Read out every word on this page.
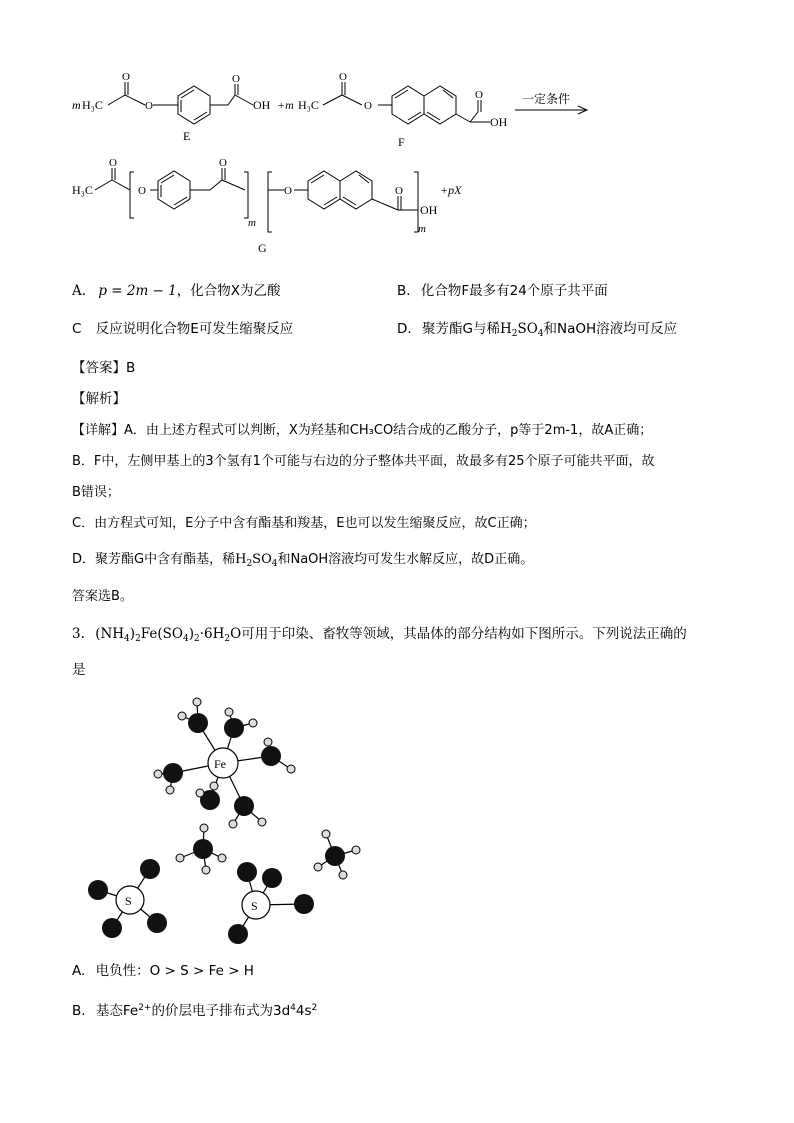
m H₃C
O
O
O
OH +m H₃C
O
O
O
OH
E	F
一定条件
H₃C
O
O
O
m
O	O
OH
m
+pX
G
A. p = 2m − 1，化合物X为乙酸	B. 化合物F最多有24个原子共平面
C 反应说明化合物E可发生缩聚反应	D. 聚芳酯G与稀$H_2SO_4$和NaOH溶液均可反应
【答案】B
【解析】
【详解】A．由上述方程式可以判断，X为羟基和CH₃CO结合成的乙酸分子，p等于2m-1，故A正确；
B．F中，左侧甲基上的3个氢有1个可能与右边的分子整体共平面，故最多有25个原子可能共平面，故
B错误；
C．由方程式可知，E分子中含有酯基和羧基，E也可以发生缩聚反应，故C正确；
D．聚芳酯G中含有酯基，稀$H_2SO_4$和NaOH溶液均可发生水解反应，故D正确。
答案选B。
3. $(NH_4)_2Fe(SO_4)_2\cdot 6H_2O$可用于印染、畜牧等领域，其晶体的部分结构如下图所示。下列说法正确的
是
Fe
S	S
A. 电负性：O > S > Fe > H
B. 基态$Fe^{2+}$的价层电子排布式为$3d^44s^2$
